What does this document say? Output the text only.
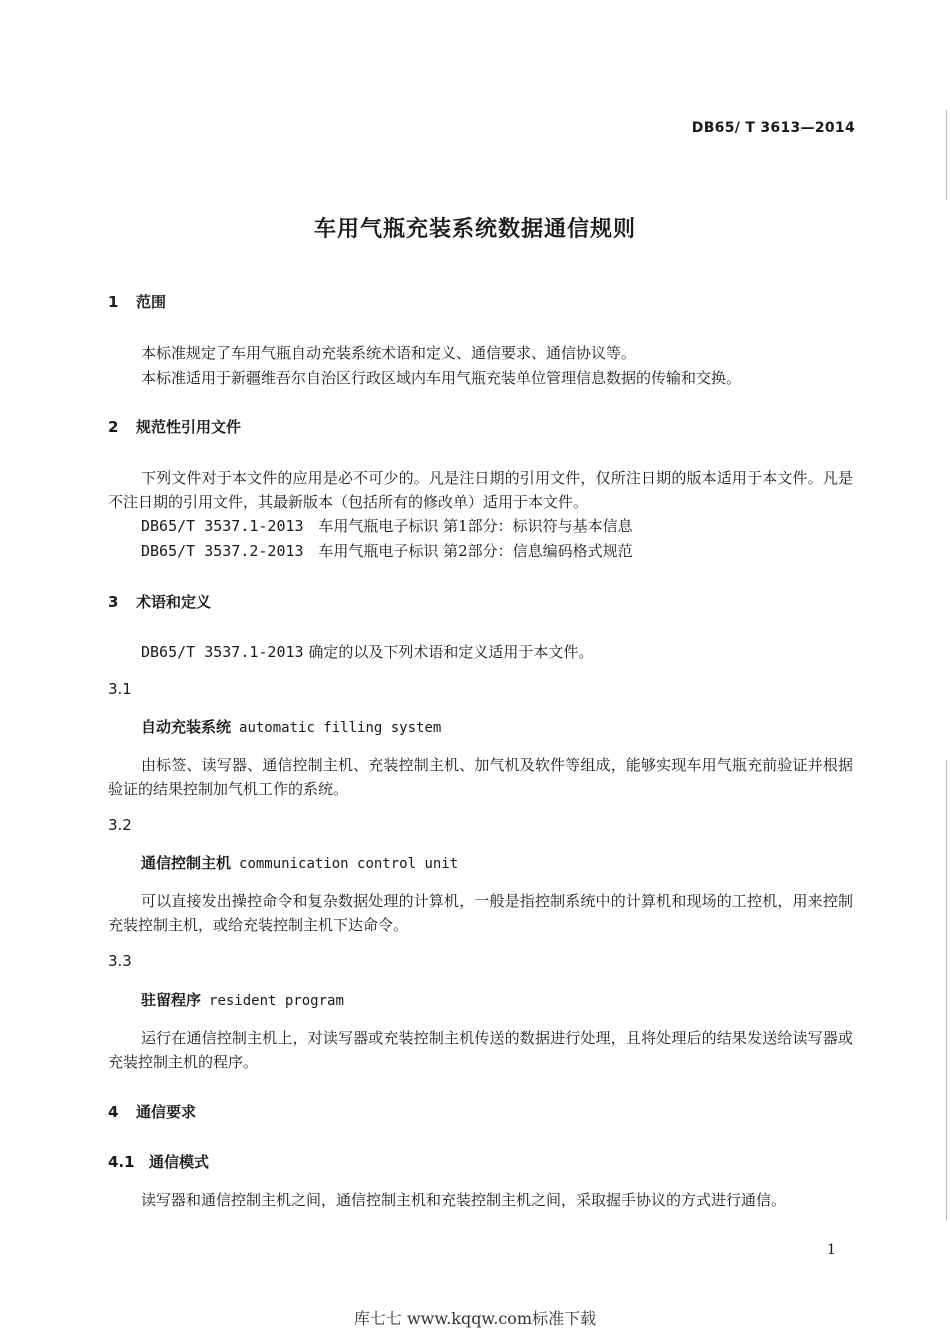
DB65/ T 3613—2014
车用气瓶充装系统数据通信规则
1 范围
本标准规定了车用气瓶自动充装系统术语和定义、通信要求、通信协议等。
本标准适用于新疆维吾尔自治区行政区域内车用气瓶充装单位管理信息数据的传输和交换。
2 规范性引用文件
下列文件对于本文件的应用是必不可少的。凡是注日期的引用文件，仅所注日期的版本适用于本文件。凡是不注日期的引用文件，其最新版本（包括所有的修改单）适用于本文件。
DB65/T 3537.1-2013 车用气瓶电子标识 第1部分：标识符与基本信息
DB65/T 3537.2-2013 车用气瓶电子标识 第2部分：信息编码格式规范
3 术语和定义
DB65/T 3537.1-2013 确定的以及下列术语和定义适用于本文件。
3.1
自动充装系统 automatic filling system
由标签、读写器、通信控制主机、充装控制主机、加气机及软件等组成，能够实现车用气瓶充前验证并根据验证的结果控制加气机工作的系统。
3.2
通信控制主机 communication control unit
可以直接发出操控命令和复杂数据处理的计算机，一般是指控制系统中的计算机和现场的工控机，用来控制充装控制主机，或给充装控制主机下达命令。
3.3
驻留程序 resident program
运行在通信控制主机上，对读写器或充装控制主机传送的数据进行处理，且将处理后的结果发送给读写器或充装控制主机的程序。
4 通信要求
4.1 通信模式
读写器和通信控制主机之间，通信控制主机和充装控制主机之间，采取握手协议的方式进行通信。
1
库七七 www.kqqw.com标准下载
